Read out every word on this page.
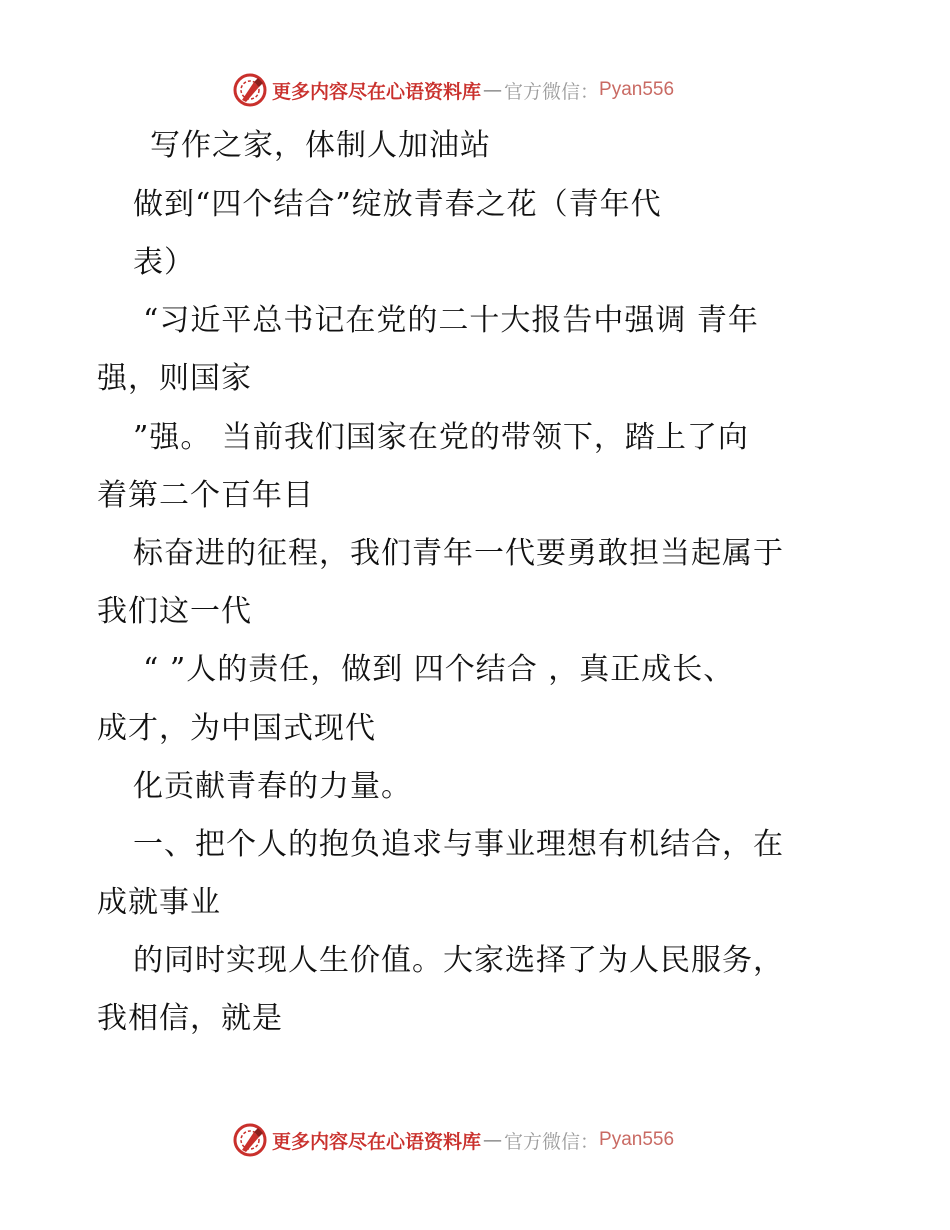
更多内容尽在心语资料库 — 官方微信： Pyan556
写作之家，体制人加油站
做到“四个结合”绽放青春之花（青年代
表）
“习近平总书记在党的二十大报告中强调 青年
强，则国家
”强。 当前我们国家在党的带领下，踏上了向
着第二个百年目
标奋进的征程，我们青年一代要勇敢担当起属于
我们这一代
“ ”人的责任，做到 四个结合 ，真正成长、
成才，为中国式现代
化贡献青春的力量。
一、把个人的抱负追求与事业理想有机结合，在
成就事业
的同时实现人生价值。大家选择了为人民服务，
我相信，就是
更多内容尽在心语资料库 — 官方微信： Pyan556
